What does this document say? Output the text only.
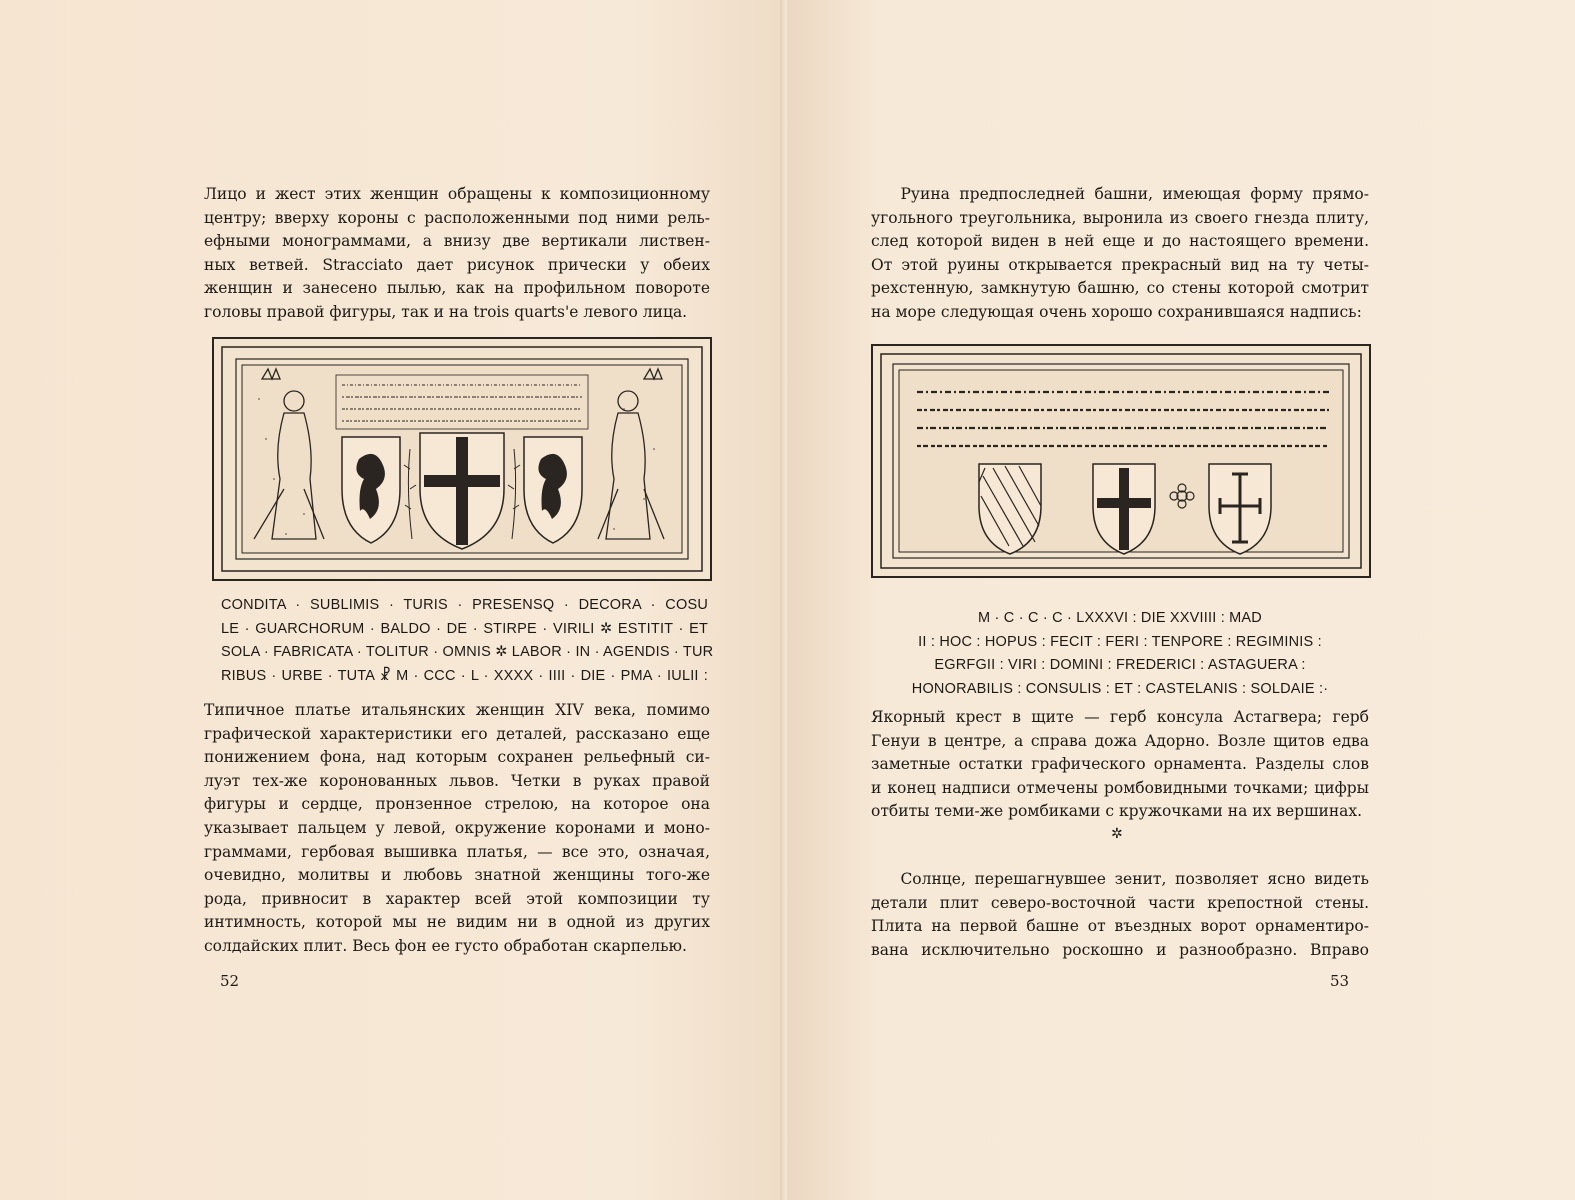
Лицо и жест этих женщин обращены к композиционному

центру; вверху короны с расположенными под ними рель-

ефными монограммами, а внизу две вертикали листвен-

ных ветвей. Stracciato дает рисунок прически у обеих

женщин и занесено пылью, как на профильном повороте

головы правой фигуры, так и на trois quarts'е левого лица.

CONDITA · SUBLIMIS · TURIS · PRESENSQ · DECORA · COSU

LE · GUARCHORUM · BALDO · DE · STIRPE · VIRILI ✲ ESTITIT · ET

SOLA · FABRICATA · TOLITUR · OMNIS ✲ LABOR · IN · AGENDIS · TUR

RIBUS · URBE · TUTA ☧ M · CCC · L · XXXX · IIII · DIE · PMA · IULII :

Типичное платье итальянских женщин XIV века, помимо

графической характеристики его деталей, рассказано еще

понижением фона, над которым сохранен рельефный си-

луэт тех-же коронованных львов. Четки в руках правой

фигуры и сердце, пронзенное стрелою, на которое она

указывает пальцем у левой, окружение коронами и моно-

граммами, гербовая вышивка платья, — все это, означая,

очевидно, молитвы и любовь знатной женщины того-же

рода, привносит в характер всей этой композиции ту

интимность, которой мы не видим ни в одной из других

солдайских плит. Весь фон ее густо обработан скарпелью.

52

Руина предпоследней башни, имеющая форму прямо-

угольного треугольника, выронила из своего гнезда плиту,

след которой виден в ней еще и до настоящего времени.

От этой руины открывается прекрасный вид на ту четы-

рехстенную, замкнутую башню, со стены которой смотрит

на море следующая очень хорошо сохранившаяся надпись:

M · C · C · C · LXXXVI : DIE XXVIIII : MAD

II : HOC : HOPUS : FECIT : FERI : TENPORE : REGIMINIS :

EGRFGII : VIRI : DOMINI : FREDERICI : ASTAGUERA :

HONORABILIS : CONSULIS : ET : CASTELANIS : SOLDAIE :·

Якорный крест в щите — герб консула Астагвера; герб

Генуи в центре, а справа дожа Адорно. Возле щитов едва

заметные остатки графического орнамента. Разделы слов

и конец надписи отмечены ромбовидными точками; цифры

отбиты теми-же ромбиками с кружочками на их вершинах.

✲

Солнце, перешагнувшее зенит, позволяет ясно видеть

детали плит северо-восточной части крепостной стены.

Плита на первой башне от въездных ворот орнаментиро-

вана исключительно роскошно и разнообразно. Вправо

53
